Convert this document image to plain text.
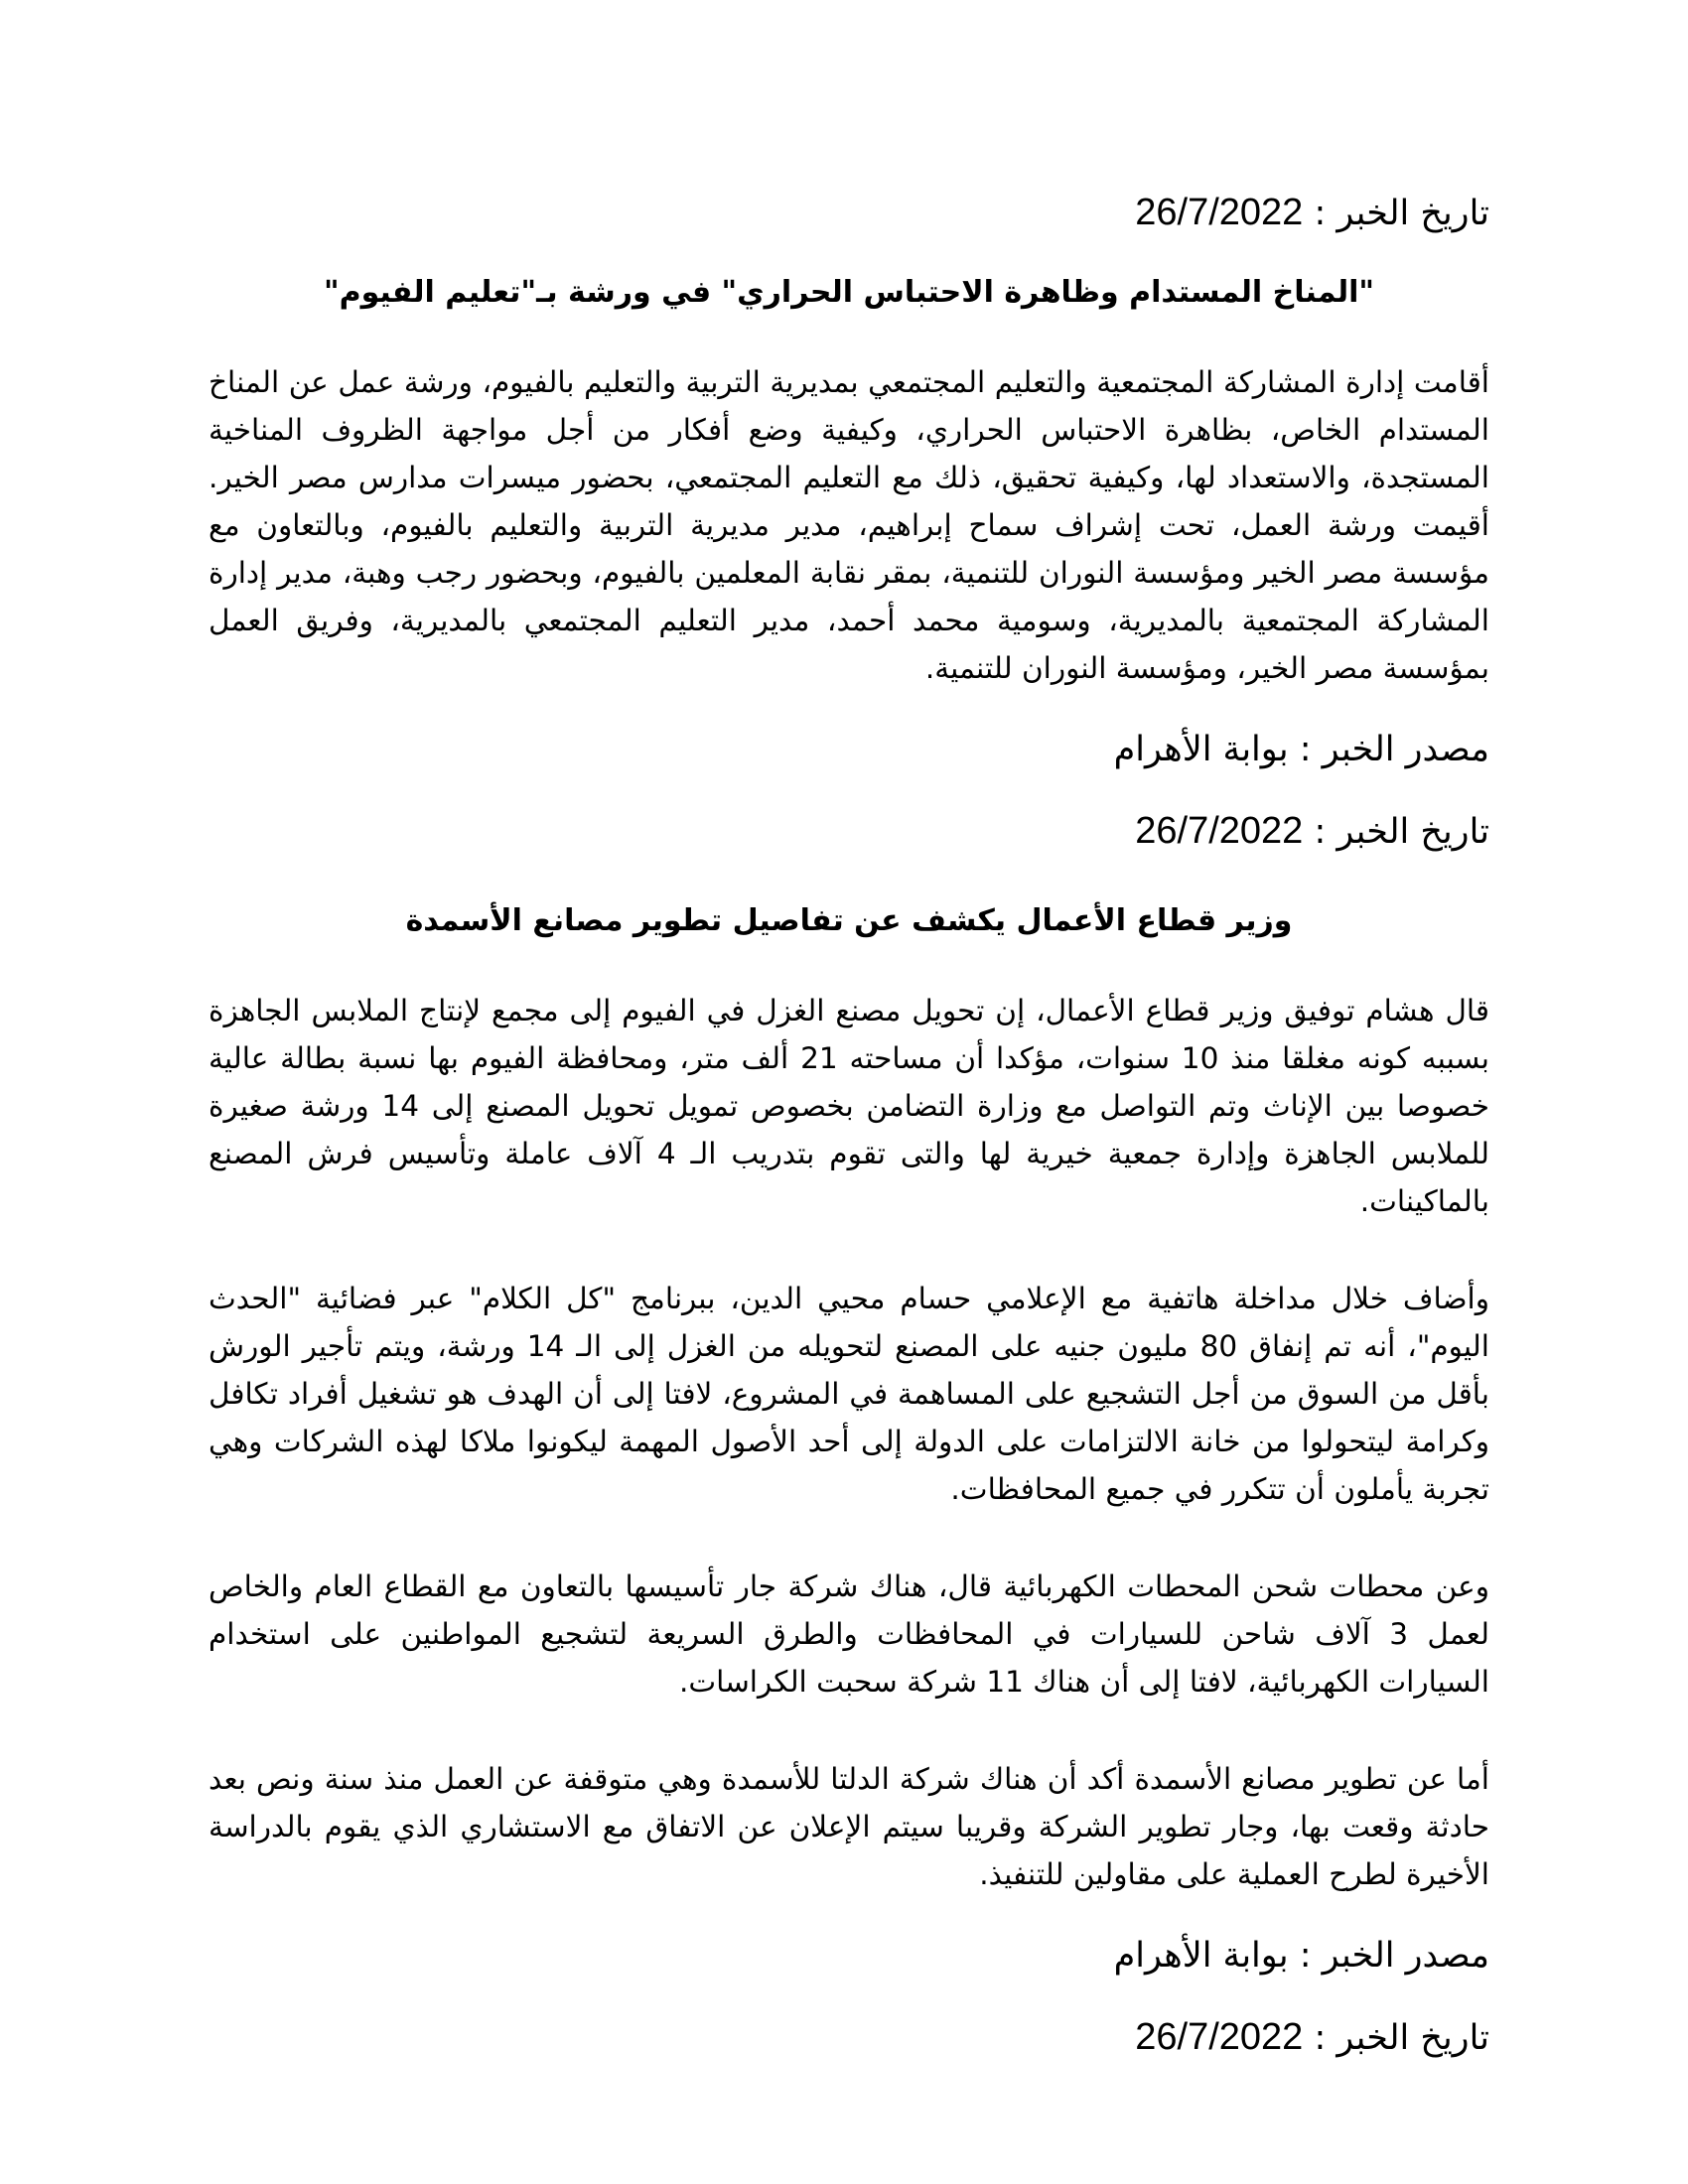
تاريخ الخبر : 26/7/2022

"المناخ المستدام وظاهرة الاحتباس الحراري" في ورشة بـ"تعليم الفيوم"

أقامت إدارة المشاركة المجتمعية والتعليم المجتمعي بمديرية التربية والتعليم بالفيوم، ورشة عمل عن المناخ المستدام الخاص، بظاهرة الاحتباس الحراري، وكيفية وضع أفكار من أجل مواجهة الظروف المناخية المستجدة، والاستعداد لها، وكيفية تحقيق، ذلك مع التعليم المجتمعي، بحضور ميسرات مدارس مصر الخير. أقيمت ورشة العمل، تحت إشراف سماح إبراهيم، مدير مديرية التربية والتعليم بالفيوم، وبالتعاون مع مؤسسة مصر الخير ومؤسسة النوران للتنمية، بمقر نقابة المعلمين بالفيوم، وبحضور رجب وهبة، مدير إدارة المشاركة المجتمعية بالمديرية، وسومية محمد أحمد، مدير التعليم المجتمعي بالمديرية، وفريق العمل بمؤسسة مصر الخير، ومؤسسة النوران للتنمية.

مصدر الخبر : بوابة الأهرام

تاريخ الخبر : 26/7/2022

وزير قطاع الأعمال يكشف عن تفاصيل تطوير مصانع الأسمدة

قال هشام توفيق وزير قطاع الأعمال، إن تحويل مصنع الغزل في الفيوم إلى مجمع لإنتاج الملابس الجاهزة بسببه كونه مغلقا منذ 10 سنوات، مؤكدا أن مساحته 21 ألف متر، ومحافظة الفيوم بها نسبة بطالة عالية خصوصا بين الإناث وتم التواصل مع وزارة التضامن بخصوص تمويل تحويل المصنع إلى 14 ورشة صغيرة للملابس الجاهزة وإدارة جمعية خيرية لها والتى تقوم بتدريب الـ 4 آلاف عاملة وتأسيس فرش المصنع بالماكينات.

وأضاف خلال مداخلة هاتفية مع الإعلامي حسام محيي الدين، ببرنامج "كل الكلام" عبر فضائية "الحدث اليوم"، أنه تم إنفاق 80 مليون جنيه على المصنع لتحويله من الغزل إلى الـ 14 ورشة، ويتم تأجير الورش بأقل من السوق من أجل التشجيع على المساهمة في المشروع، لافتا إلى أن الهدف هو تشغيل أفراد تكافل وكرامة ليتحولوا من خانة الالتزامات على الدولة إلى أحد الأصول المهمة ليكونوا ملاكا لهذه الشركات وهي تجربة يأملون أن تتكرر في جميع المحافظات.

وعن محطات شحن المحطات الكهربائية قال، هناك شركة جار تأسيسها بالتعاون مع القطاع العام والخاص لعمل 3 آلاف شاحن للسيارات في المحافظات والطرق السريعة لتشجيع المواطنين على استخدام السيارات الكهربائية، لافتا إلى أن هناك 11 شركة سحبت الكراسات.

أما عن تطوير مصانع الأسمدة أكد أن هناك شركة الدلتا للأسمدة وهي متوقفة عن العمل منذ سنة ونص بعد حادثة وقعت بها، وجار تطوير الشركة وقريبا سيتم الإعلان عن الاتفاق مع الاستشاري الذي يقوم بالدراسة الأخيرة لطرح العملية على مقاولين للتنفيذ.

مصدر الخبر : بوابة الأهرام

تاريخ الخبر : 26/7/2022
